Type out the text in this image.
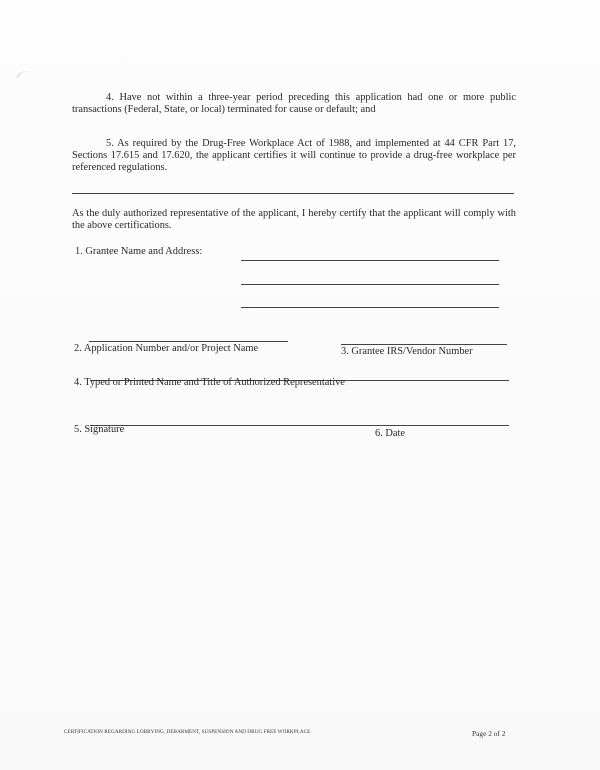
4. Have not within a three-year period preceding this application had one or more public transactions (Federal, State, or local) terminated for cause or default; and

5. As required by the Drug-Free Workplace Act of 1988, and implemented at 44 CFR Part 17, Sections 17.615 and 17.620, the applicant certifies it will continue to provide a drug-free workplace per referenced regulations.

As the duly authorized representative of the applicant, I hereby certify that the applicant will comply with the above certifications.

1. Grantee Name and Address:
2. Application Number and/or Project Name	3. Grantee IRS/Vendor Number
4. Typed or Printed Name and Title of Authorized Representative
5. Signature	6. Date
CERTIFICATION REGARDING LOBBYING, DEBARMENT, SUSPENSION AND DRUG FREE WORKPLACE	Page 2 of 2
